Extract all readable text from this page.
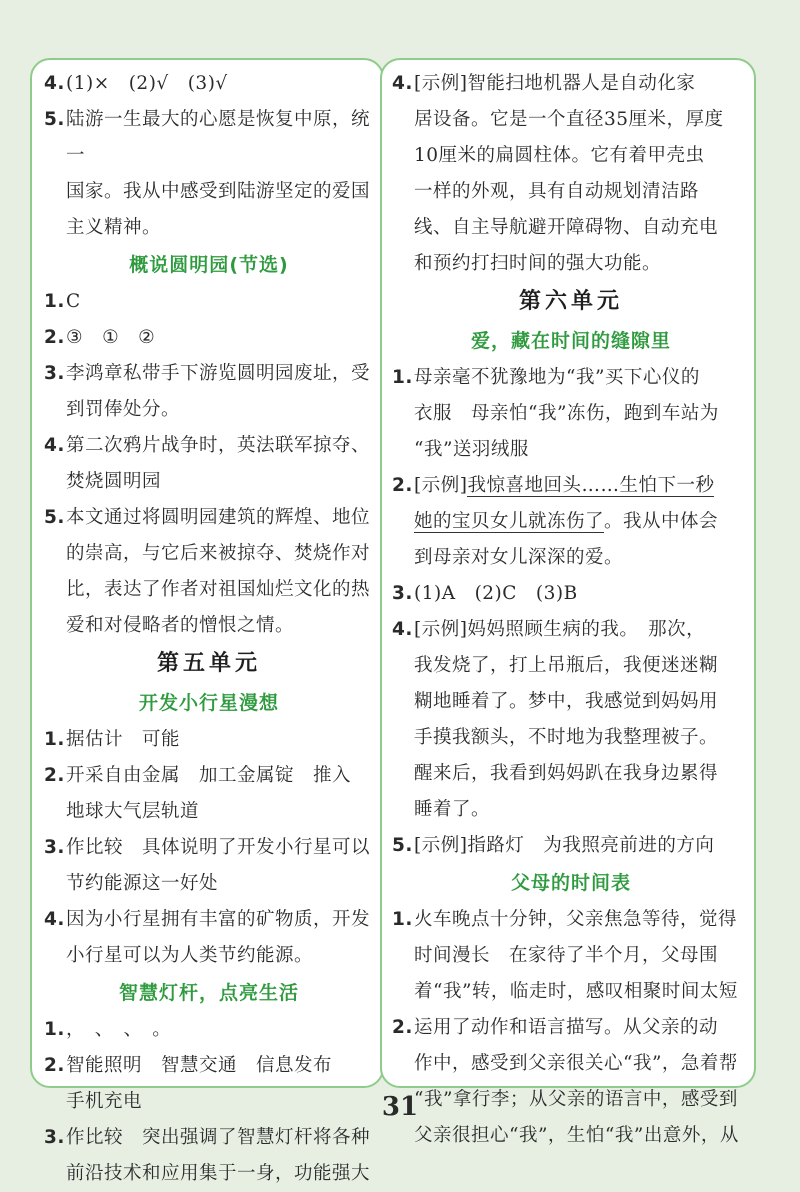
4. (1)×　(2)√　(3)√
5. 陆游一生最大的心愿是恢复中原，统一
国家。我从中感受到陆游坚定的爱国
主义精神。
概说圆明园(节选)
1. C
2. ③　①　②
3. 李鸿章私带手下游览圆明园废址，受
到罚俸处分。
4. 第二次鸦片战争时，英法联军掠夺、
焚烧圆明园
5. 本文通过将圆明园建筑的辉煌、地位
的崇高，与它后来被掠夺、焚烧作对
比，表达了作者对祖国灿烂文化的热
爱和对侵略者的憎恨之情。
第五单元
开发小行星漫想
1. 据估计　可能
2. 开采自由金属　加工金属锭　推入
地球大气层轨道
3. 作比较　具体说明了开发小行星可以
节约能源这一好处
4. 因为小行星拥有丰富的矿物质，开发
小行星可以为人类节约能源。
智慧灯杆，点亮生活
1. ，　、　、　。
2. 智能照明　智慧交通　信息发布
手机充电
3. 作比较　突出强调了智慧灯杆将各种
前沿技术和应用集于一身，功能强大
4. [示例]智能扫地机器人是自动化家
居设备。它是一个直径35厘米，厚度
10厘米的扁圆柱体。它有着甲壳虫
一样的外观，具有自动规划清洁路
线、自主导航避开障碍物、自动充电
和预约打扫时间的强大功能。
第六单元
爱，藏在时间的缝隙里
1. 母亲毫不犹豫地为“我”买下心仪的
衣服　母亲怕“我”冻伤，跑到车站为
“我”送羽绒服
2. [示例]我惊喜地回头……生怕下一秒
她的宝贝女儿就冻伤了。我从中体会
到母亲对女儿深深的爱。
3. (1)A　(2)C　(3)B
4. [示例]妈妈照顾生病的我。　那次，
我发烧了，打上吊瓶后，我便迷迷糊
糊地睡着了。梦中，我感觉到妈妈用
手摸我额头，不时地为我整理被子。
醒来后，我看到妈妈趴在我身边累得
睡着了。
5. [示例]指路灯　为我照亮前进的方向
父母的时间表
1. 火车晚点十分钟，父亲焦急等待，觉得
时间漫长　在家待了半个月，父母围
着“我”转，临走时，感叹相聚时间太短
2. 运用了动作和语言描写。从父亲的动
作中，感受到父亲很关心“我”，急着帮
“我”拿行李；从父亲的语言中，感受到
父亲很担心“我”，生怕“我”出意外，从
31
